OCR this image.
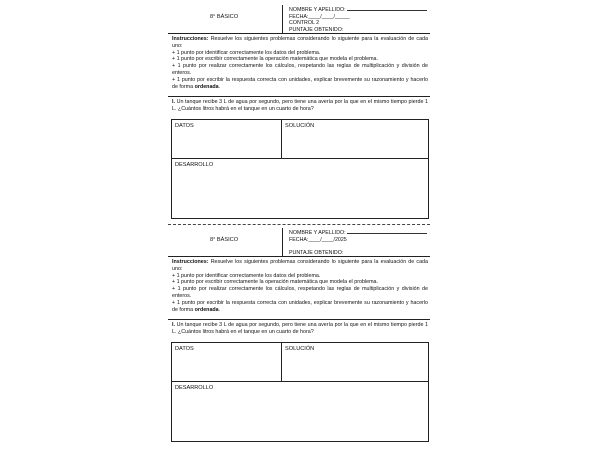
8° BÁSICO
NOMBRE Y APELLIDO:
FECHA:____/____/_____
CONTROL 2
PUNTAJE OBTENIDO:

Instrucciones: Resuelve los siguientes problemas considerando lo siguiente para la evaluación de cada uno:

+ 1 punto por identificar correctamente los datos del problema.

+ 1 punto por escribir correctamente la operación matemática que modela el problema.

+ 1 punto por realizar correctamente los cálculos, respetando las reglas de multiplicación y división de enteros.

+ 1 punto por escribir la respuesta correcta con unidades, explicar brevemente su razonamiento y hacerlo de forma ordenada.

I. Un tanque recibe 3 L de agua por segundo, pero tiene una avería por la que en el mismo tiempo pierde 1 L. ¿Cuántos litros habrá en el tanque en un cuarto de hora?

DATOS	SOLUCIÓN
DESARROLLO
8° BÁSICO
NOMBRE Y APELLIDO:
FECHA:____/____/2025

PUNTAJE OBTENIDO:

Instrucciones: Resuelve los siguientes problemas considerando lo siguiente para la evaluación de cada uno:

+ 1 punto por identificar correctamente los datos del problema.

+ 1 punto por escribir correctamente la operación matemática que modela el problema.

+ 1 punto por realizar correctamente los cálculos, respetando las reglas de multiplicación y división de enteros.

+ 1 punto por escribir la respuesta correcta con unidades, explicar brevemente su razonamiento y hacerlo de forma ordenada.

I. Un tanque recibe 3 L de agua por segundo, pero tiene una avería por la que en el mismo tiempo pierde 1 L. ¿Cuántos litros habrá en el tanque en un cuarto de hora?

DATOS	SOLUCIÓN
DESARROLLO
